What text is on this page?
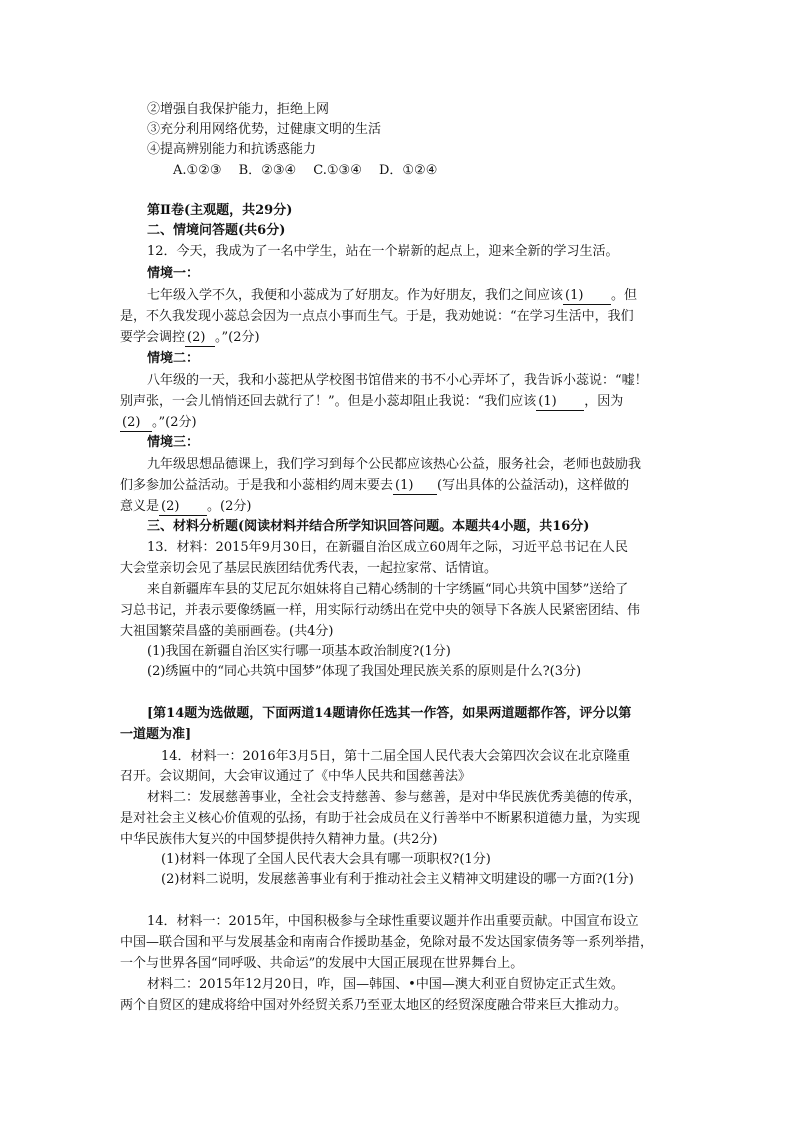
②增强自我保护能力，拒绝上网
③充分利用网络优势，过健康文明的生活
④提高辨别能力和抗诱惑能力
A.①②③　 B．②③④　 C.①③④　 D．①②④
第Ⅱ卷(主观题，共29分)
二、情境问答题(共6分)
12．今天，我成为了一名中学生，站在一个崭新的起点上，迎来全新的学习生活。
情境一：
七年级入学不久，我便和小蕊成为了好朋友。作为好朋友，我们之间应该 (1) 。但
是，不久我发现小蕊总会因为一点点小事而生气。于是，我劝她说：“在学习生活中，我们
要学会调控 (2) 。”(2分)
情境二：
八年级的一天，我和小蕊把从学校图书馆借来的书不小心弄坏了，我告诉小蕊说：“嘘！
别声张，一会儿悄悄还回去就行了！”。但是小蕊却阻止我说：“我们应该 (1) ，因为
(2) 。”(2分)
情境三：
九年级思想品德课上，我们学习到每个公民都应该热心公益，服务社会，老师也鼓励我
们多参加公益活动。于是我和小蕊相约周末要去 (1) (写出具体的公益活动)，这样做的
意义是 (2) 。(2分)
三、材料分析题(阅读材料并结合所学知识回答问题。本题共4小题，共16分)
13．材料：2015年9月30日，在新疆自治区成立60周年之际，习近平总书记在人民
大会堂亲切会见了基层民族团结优秀代表，一起拉家常、话情谊。
来自新疆库车县的艾尼瓦尔姐妹将自己精心绣制的十字绣匾“同心共筑中国梦”送给了
习总书记，并表示要像绣匾一样，用实际行动绣出在党中央的领导下各族人民紧密团结、伟
大祖国繁荣昌盛的美丽画卷。(共4分)
(1)我国在新疆自治区实行哪一项基本政治制度?(1分)
(2)绣匾中的“同心共筑中国梦”体现了我国处理民族关系的原则是什么?(3分)
[第14题为选做题，下面两道14题请你任选其一作答，如果两道题都作答，评分以第
一道题为准]
14．材料一：2016年3月5日，第十二届全国人民代表大会第四次会议在北京隆重
召开。会议期间，大会审议通过了《中华人民共和国慈善法》
材料二：发展慈善事业，全社会支持慈善、参与慈善，是对中华民族优秀美德的传承，
是对社会主义核心价值观的弘扬，有助于社会成员在义行善举中不断累积道德力量，为实现
中华民族伟大复兴的中国梦提供持久精神力量。(共2分)
(1)材料一体现了全国人民代表大会具有哪一项职权?(1分)
(2)材料二说明，发展慈善事业有利于推动社会主义精神文明建设的哪一方面?(1分)
14．材料一：2015年，中国积极参与全球性重要议题并作出重要贡献。中国宣布设立
中国—联合国和平与发展基金和南南合作援助基金，免除对最不发达国家债务等一系列举措，
一个与世界各国“同呼吸、共命运”的发展中大国正展现在世界舞台上。
材料二：2015年12月20日，咋，国—韩国、•中国—澳大利亚自贸协定正式生效。
两个自贸区的建成将给中国对外经贸关系乃至亚太地区的经贸深度融合带来巨大推动力。
